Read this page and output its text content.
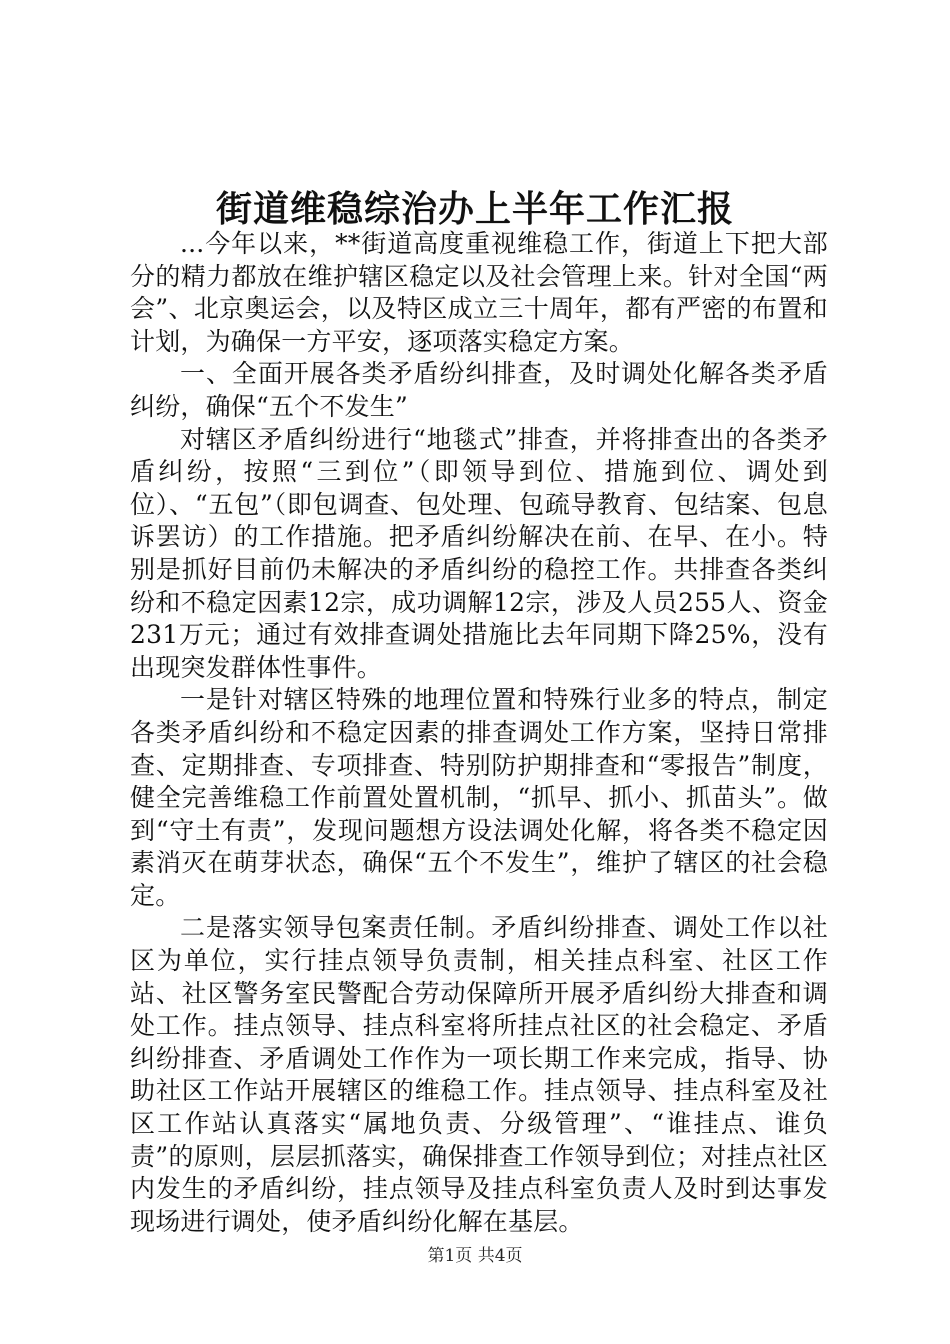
街道维稳综治办上半年工作汇报

...今年以来，**街道高度重视维稳工作，街道上下把大部分的精力都放在维护辖区稳定以及社会管理上来。针对全国“两会”、北京奥运会，以及特区成立三十周年，都有严密的布置和计划，为确保一方平安，逐项落实稳定方案。

一、全面开展各类矛盾纷纠排查，及时调处化解各类矛盾纠纷，确保“五个不发生”

对辖区矛盾纠纷进行“地毯式”排查，并将排查出的各类矛盾纠纷，按照“三到位”（即领导到位、措施到位、调处到位）、“五包”（即包调查、包处理、包疏导教育、包结案、包息诉罢访）的工作措施。把矛盾纠纷解决在前、在早、在小。特别是抓好目前仍未解决的矛盾纠纷的稳控工作。共排查各类纠纷和不稳定因素12宗，成功调解12宗，涉及人员255人、资金231万元；通过有效排查调处措施比去年同期下降25%，没有出现突发群体性事件。

一是针对辖区特殊的地理位置和特殊行业多的特点，制定各类矛盾纠纷和不稳定因素的排查调处工作方案，坚持日常排查、定期排查、专项排查、特别防护期排查和“零报告”制度，健全完善维稳工作前置处置机制，“抓早、抓小、抓苗头”。做到“守土有责”，发现问题想方设法调处化解，将各类不稳定因素消灭在萌芽状态，确保“五个不发生”，维护了辖区的社会稳定。

二是落实领导包案责任制。矛盾纠纷排查、调处工作以社区为单位，实行挂点领导负责制，相关挂点科室、社区工作站、社区警务室民警配合劳动保障所开展矛盾纠纷大排查和调处工作。挂点领导、挂点科室将所挂点社区的社会稳定、矛盾纠纷排查、矛盾调处工作作为一项长期工作来完成，指导、协助社区工作站开展辖区的维稳工作。挂点领导、挂点科室及社区工作站认真落实“属地负责、分级管理”、“谁挂点、谁负责”的原则，层层抓落实，确保排查工作领导到位；对挂点社区内发生的矛盾纠纷，挂点领导及挂点科室负责人及时到达事发现场进行调处，使矛盾纠纷化解在基层。

第1页 共4页
